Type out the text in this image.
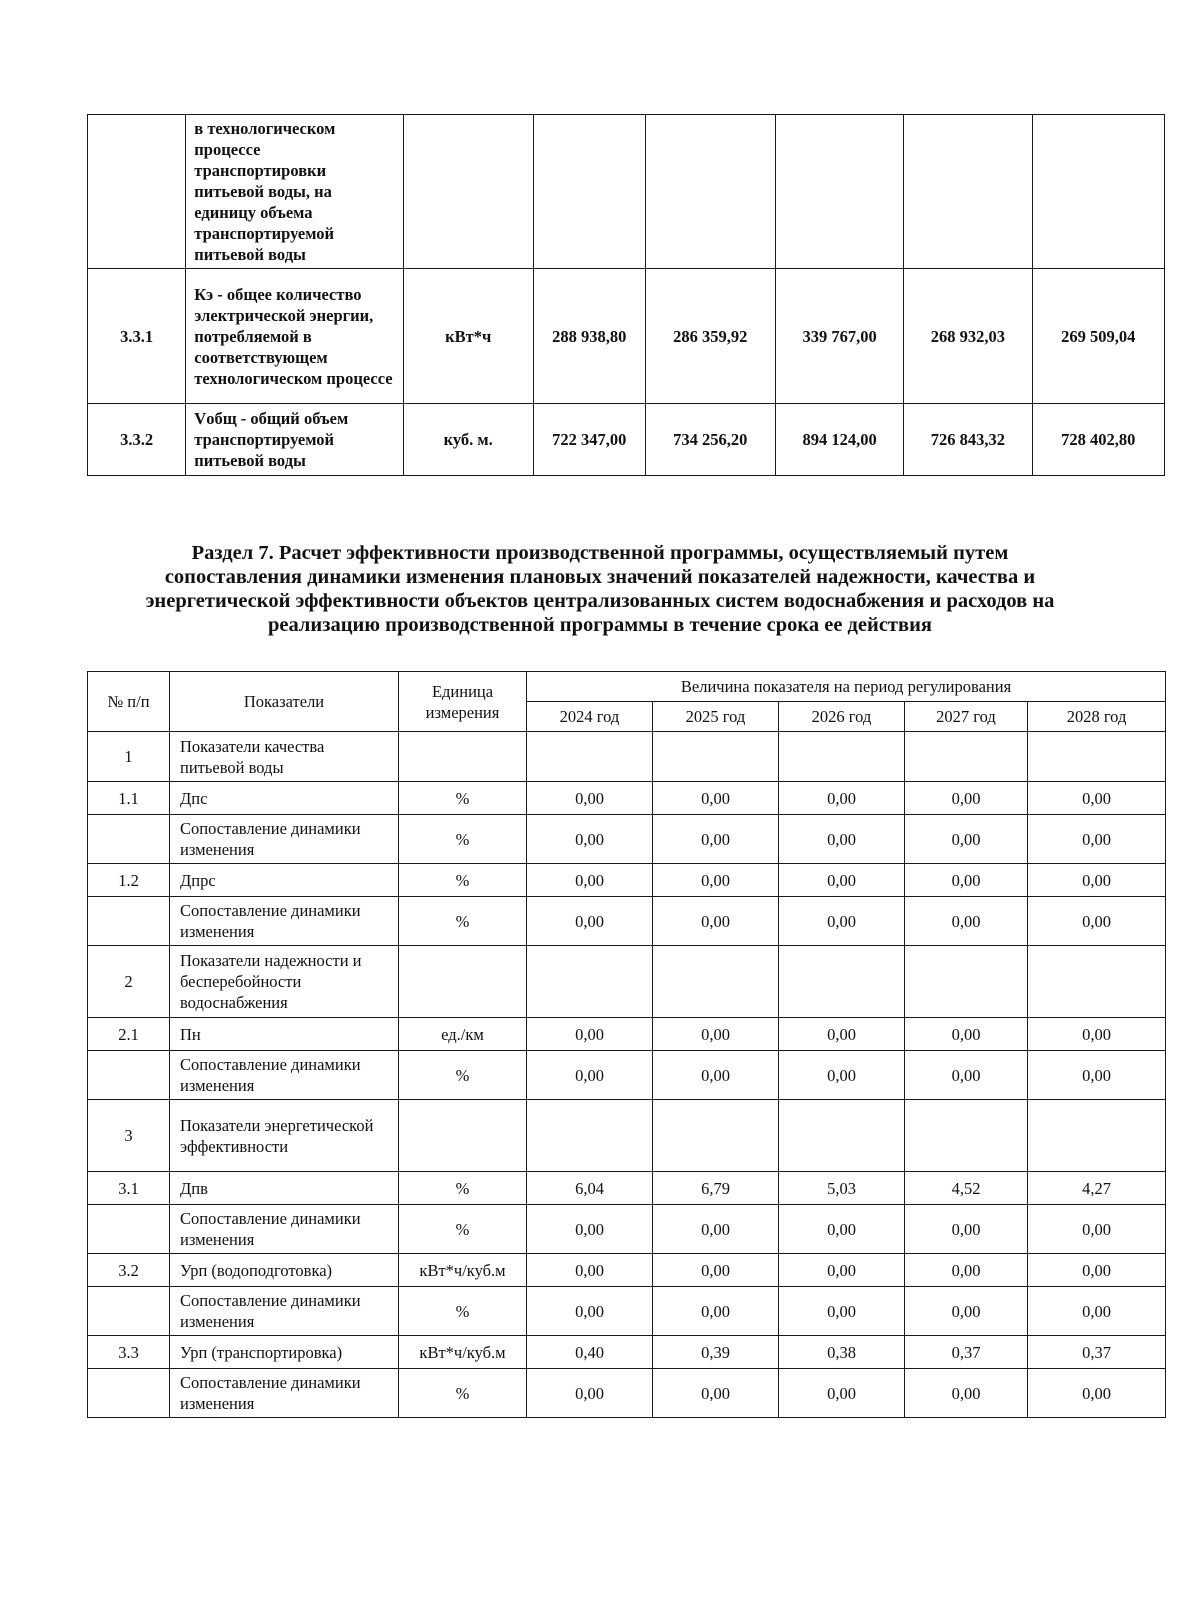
	в технологическом процессе транспортировки питьевой воды, на единицу объема транспортируемой питьевой воды						
3.3.1	Кэ - общее количество электрической энергии, потребляемой в соответствующем технологическом процессе	кВт*ч	288 938,80	286 359,92	339 767,00	268 932,03	269 509,04
3.3.2	Vобщ - общий объем транспортируемой питьевой воды	куб. м.	722 347,00	734 256,20	894 124,00	726 843,32	728 402,80
Раздел 7. Расчет эффективности производственной программы, осуществляемый путем
сопоставления динамики изменения плановых значений показателей надежности, качества и
энергетической эффективности объектов централизованных систем водоснабжения и расходов на
реализацию производственной программы в течение срока ее действия
№ п/п	Показатели	Единица измерения	Величина показателя на период регулирования				
			2024 год	2025 год	2026 год	2027 год	2028 год
1	Показатели качества питьевой воды						
1.1	Дпс	%	0,00	0,00	0,00	0,00	0,00
	Сопоставление динамики изменения	%	0,00	0,00	0,00	0,00	0,00
1.2	Дпрс	%	0,00	0,00	0,00	0,00	0,00
	Сопоставление динамики изменения	%	0,00	0,00	0,00	0,00	0,00
2	Показатели надежности и бесперебойности водоснабжения						
2.1	Пн	ед./км	0,00	0,00	0,00	0,00	0,00
	Сопоставление динамики изменения	%	0,00	0,00	0,00	0,00	0,00
3	Показатели энергетической эффективности						
3.1	Дпв	%	6,04	6,79	5,03	4,52	4,27
	Сопоставление динамики изменения	%	0,00	0,00	0,00	0,00	0,00
3.2	Урп (водоподготовка)	кВт*ч/куб.м	0,00	0,00	0,00	0,00	0,00
	Сопоставление динамики изменения	%	0,00	0,00	0,00	0,00	0,00
3.3	Урп (транспортировка)	кВт*ч/куб.м	0,40	0,39	0,38	0,37	0,37
	Сопоставление динамики изменения	%	0,00	0,00	0,00	0,00	0,00
